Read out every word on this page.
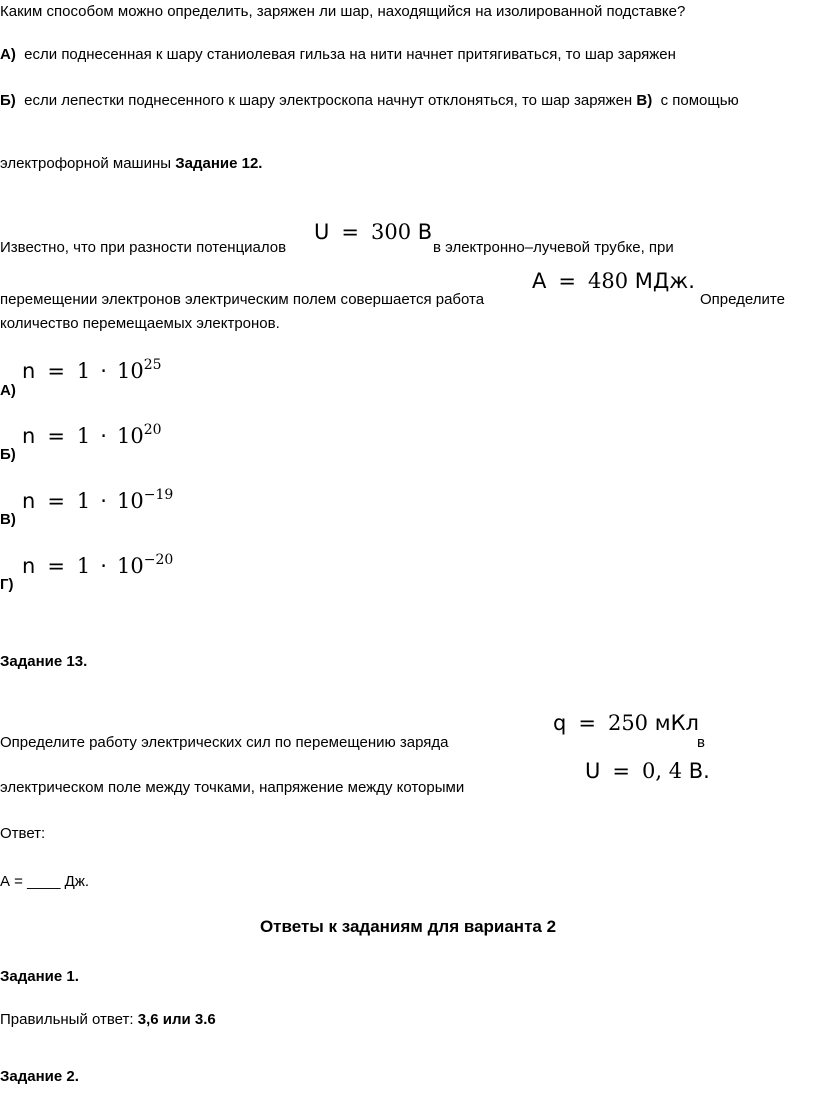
Каким способом можно определить, заряжен ли шар, находящийся на изолированной подставке?
А) если поднесенная к шару станиолевая гильза на нити начнет притягиваться, то шар заряжен
Б) если лепестки поднесенного к шару электроскопа начнут отклоняться, то шар заряжен В) с помощью
электрофорной машины Задание 12.
U = 300 В
Известно, что при разности потенциалов	в электронно–лучевой трубке, при
А = 480 МДж.
перемещении электронов электрическим полем совершается работа	Определите
количество перемещаемых электронов.
$n = 1 \cdot 10^{25}$
А)
$n = 1 \cdot 10^{20}$
Б)
$n = 1 \cdot 10^{-19}$
В)
$n = 1 \cdot 10^{-20}$
Г)
Задание 13.
q = 250 мКл
Определите работу электрических сил по перемещению заряда	в
U = 0, 4 В.
электрическом поле между точками, напряжение между которыми
Ответ:
А = ____ Дж.
Ответы к заданиям для варианта 2
Задание 1.
Правильный ответ: 3,6 или 3.6
Задание 2.
